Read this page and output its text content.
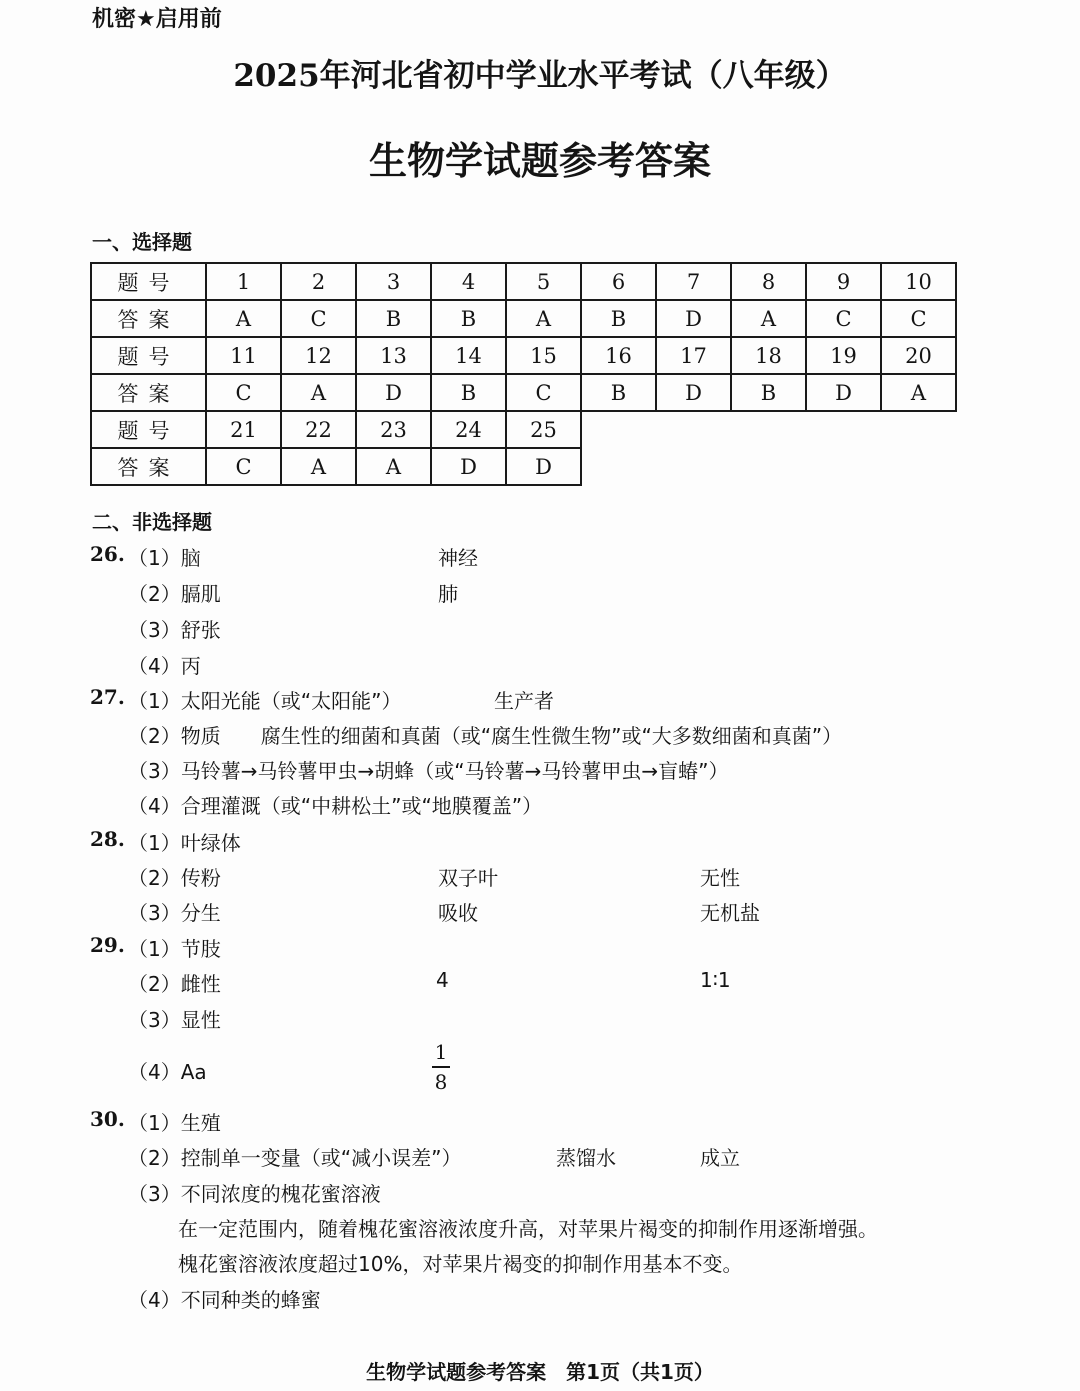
机密★启用前
2025年河北省初中学业水平考试（八年级）
生物学试题参考答案
一、选择题
题号	1	2	3	4	5	6	7	8	9	10
答案	A	C	B	B	A	B	D	A	C	C
题号	11	12	13	14	15	16	17	18	19	20
答案	C	A	D	B	C	B	D	B	D	A
题号	21	22	23	24	25					
答案	C	A	A	D	D					
二、非选择题
26. （1）脑	神经
（2）膈肌	肺
（3）舒张
（4）丙
27. （1）太阳光能（或“太阳能”）	生产者
（2）物质　　腐生性的细菌和真菌（或“腐生性微生物”或“大多数细菌和真菌”）
（3）马铃薯→马铃薯甲虫→胡蜂（或“马铃薯→马铃薯甲虫→盲蝽”）
（4）合理灌溉（或“中耕松土”或“地膜覆盖”）
28. （1）叶绿体
（2）传粉	双子叶	无性
（3）分生	吸收	无机盐
29. （1）节肢
（2）雌性	4	1∶1
（3）显性
（4）Aa
1
8
30. （1）生殖
（2）控制单一变量（或“减小误差”）	蒸馏水	成立
（3）不同浓度的槐花蜜溶液
在一定范围内，随着槐花蜜溶液浓度升高，对苹果片褐变的抑制作用逐渐增强。
槐花蜜溶液浓度超过10%，对苹果片褐变的抑制作用基本不变。
（4）不同种类的蜂蜜
生物学试题参考答案　第1页（共1页）
